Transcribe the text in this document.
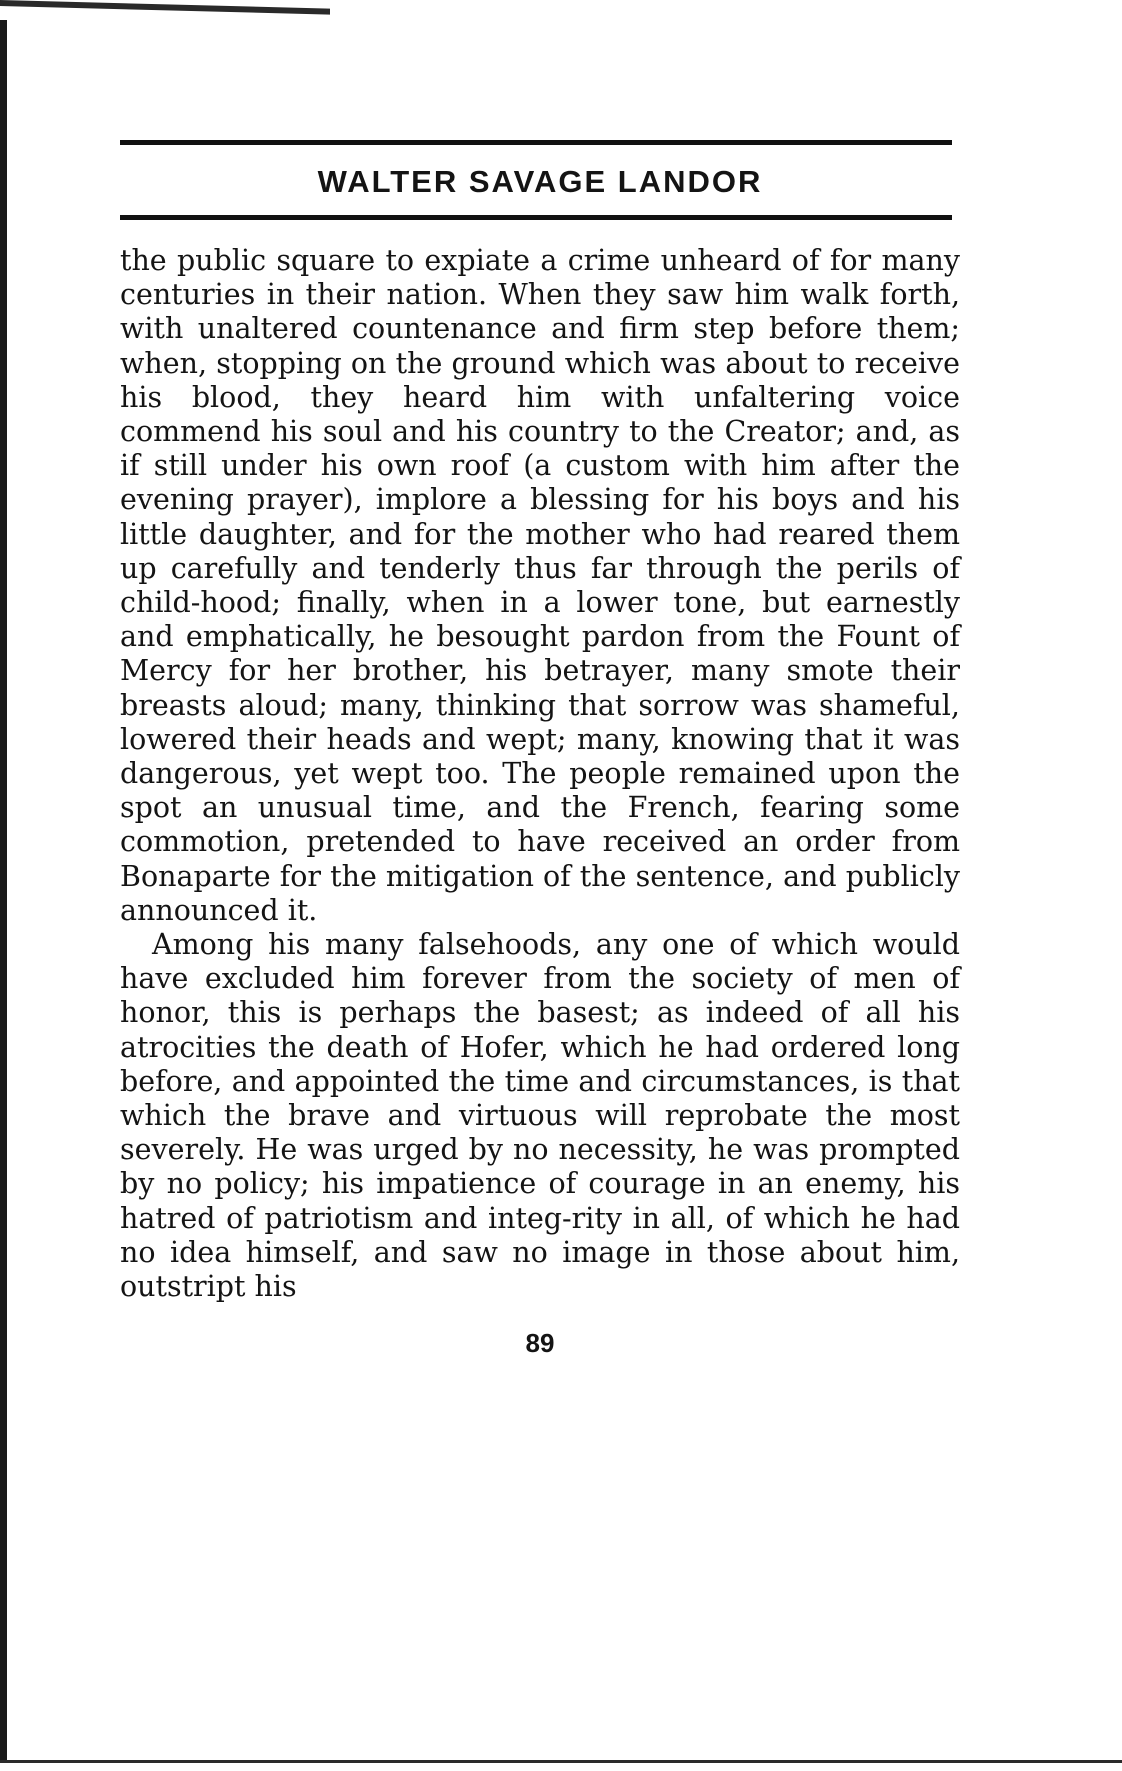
WALTER SAVAGE LANDOR

the public square to expiate a crime unheard of for many centuries in their nation. When they saw him walk forth, with unaltered countenance and firm step before them; when, stopping on the ground which was about to receive his blood, they heard him with unfaltering voice commend his soul and his country to the Creator; and, as if still under his own roof (a custom with him after the evening prayer), implore a blessing for his boys and his little daughter, and for the mother who had reared them up carefully and tenderly thus far through the perils of child-hood; finally, when in a lower tone, but earnestly and emphatically, he besought pardon from the Fount of Mercy for her brother, his betrayer, many smote their breasts aloud; many, thinking that sorrow was shameful, lowered their heads and wept; many, knowing that it was dangerous, yet wept too. The people remained upon the spot an unusual time, and the French, fearing some commotion, pretended to have received an order from Bonaparte for the mitigation of the sentence, and publicly announced it.

Among his many falsehoods, any one of which would have excluded him forever from the society of men of honor, this is perhaps the basest; as indeed of all his atrocities the death of Hofer, which he had ordered long before, and appointed the time and circumstances, is that which the brave and virtuous will reprobate the most severely. He was urged by no necessity, he was prompted by no policy; his impatience of courage in an enemy, his hatred of patriotism and integ-rity in all, of which he had no idea himself, and saw no image in those about him, outstript his

89
